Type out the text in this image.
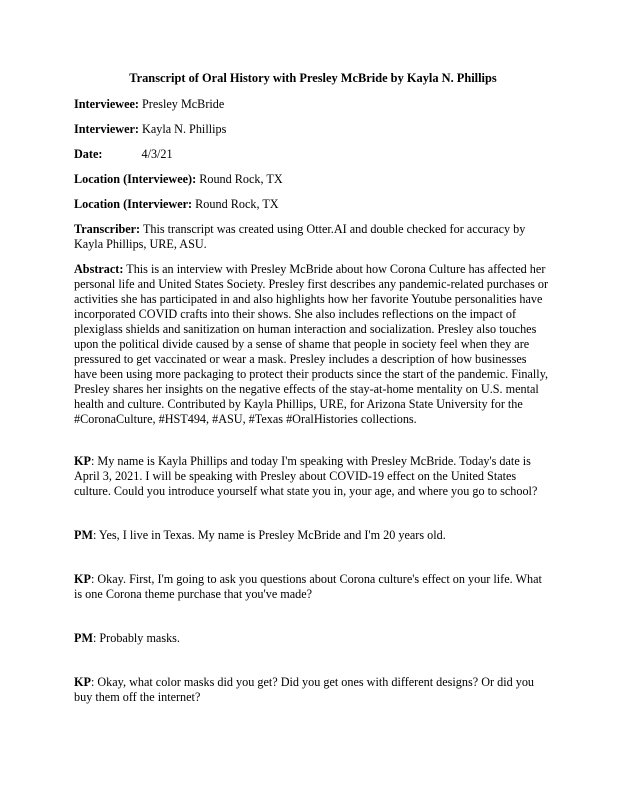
Transcript of Oral History with Presley McBride by Kayla N. Phillips
Interviewee: Presley McBride
Interviewer: Kayla N. Phillips
Date:	4/3/21
Location (Interviewee): Round Rock, TX
Location (Interviewer: Round Rock, TX
Transcriber: This transcript was created using Otter.AI and double checked for accuracy by Kayla Phillips, URE, ASU.
Abstract: This is an interview with Presley McBride about how Corona Culture has affected her personal life and United States Society. Presley first describes any pandemic-related purchases or activities she has participated in and also highlights how her favorite Youtube personalities have incorporated COVID crafts into their shows. She also includes reflections on the impact of plexiglass shields and sanitization on human interaction and socialization. Presley also touches upon the political divide caused by a sense of shame that people in society feel when they are pressured to get vaccinated or wear a mask. Presley includes a description of how businesses have been using more packaging to protect their products since the start of the pandemic. Finally, Presley shares her insights on the negative effects of the stay-at-home mentality on U.S. mental health and culture. Contributed by Kayla Phillips, URE, for Arizona State University for the #CoronaCulture, #HST494, #ASU, #Texas #OralHistories collections.
KP: My name is Kayla Phillips and today I'm speaking with Presley McBride. Today's date is April 3, 2021. I will be speaking with Presley about COVID-19 effect on the United States culture. Could you introduce yourself what state you in, your age, and where you go to school?
PM: Yes, I live in Texas. My name is Presley McBride and I'm 20 years old.
KP: Okay. First, I'm going to ask you questions about Corona culture's effect on your life. What is one Corona theme purchase that you've made?
PM: Probably masks.
KP: Okay, what color masks did you get? Did you get ones with different designs? Or did you buy them off the internet?
